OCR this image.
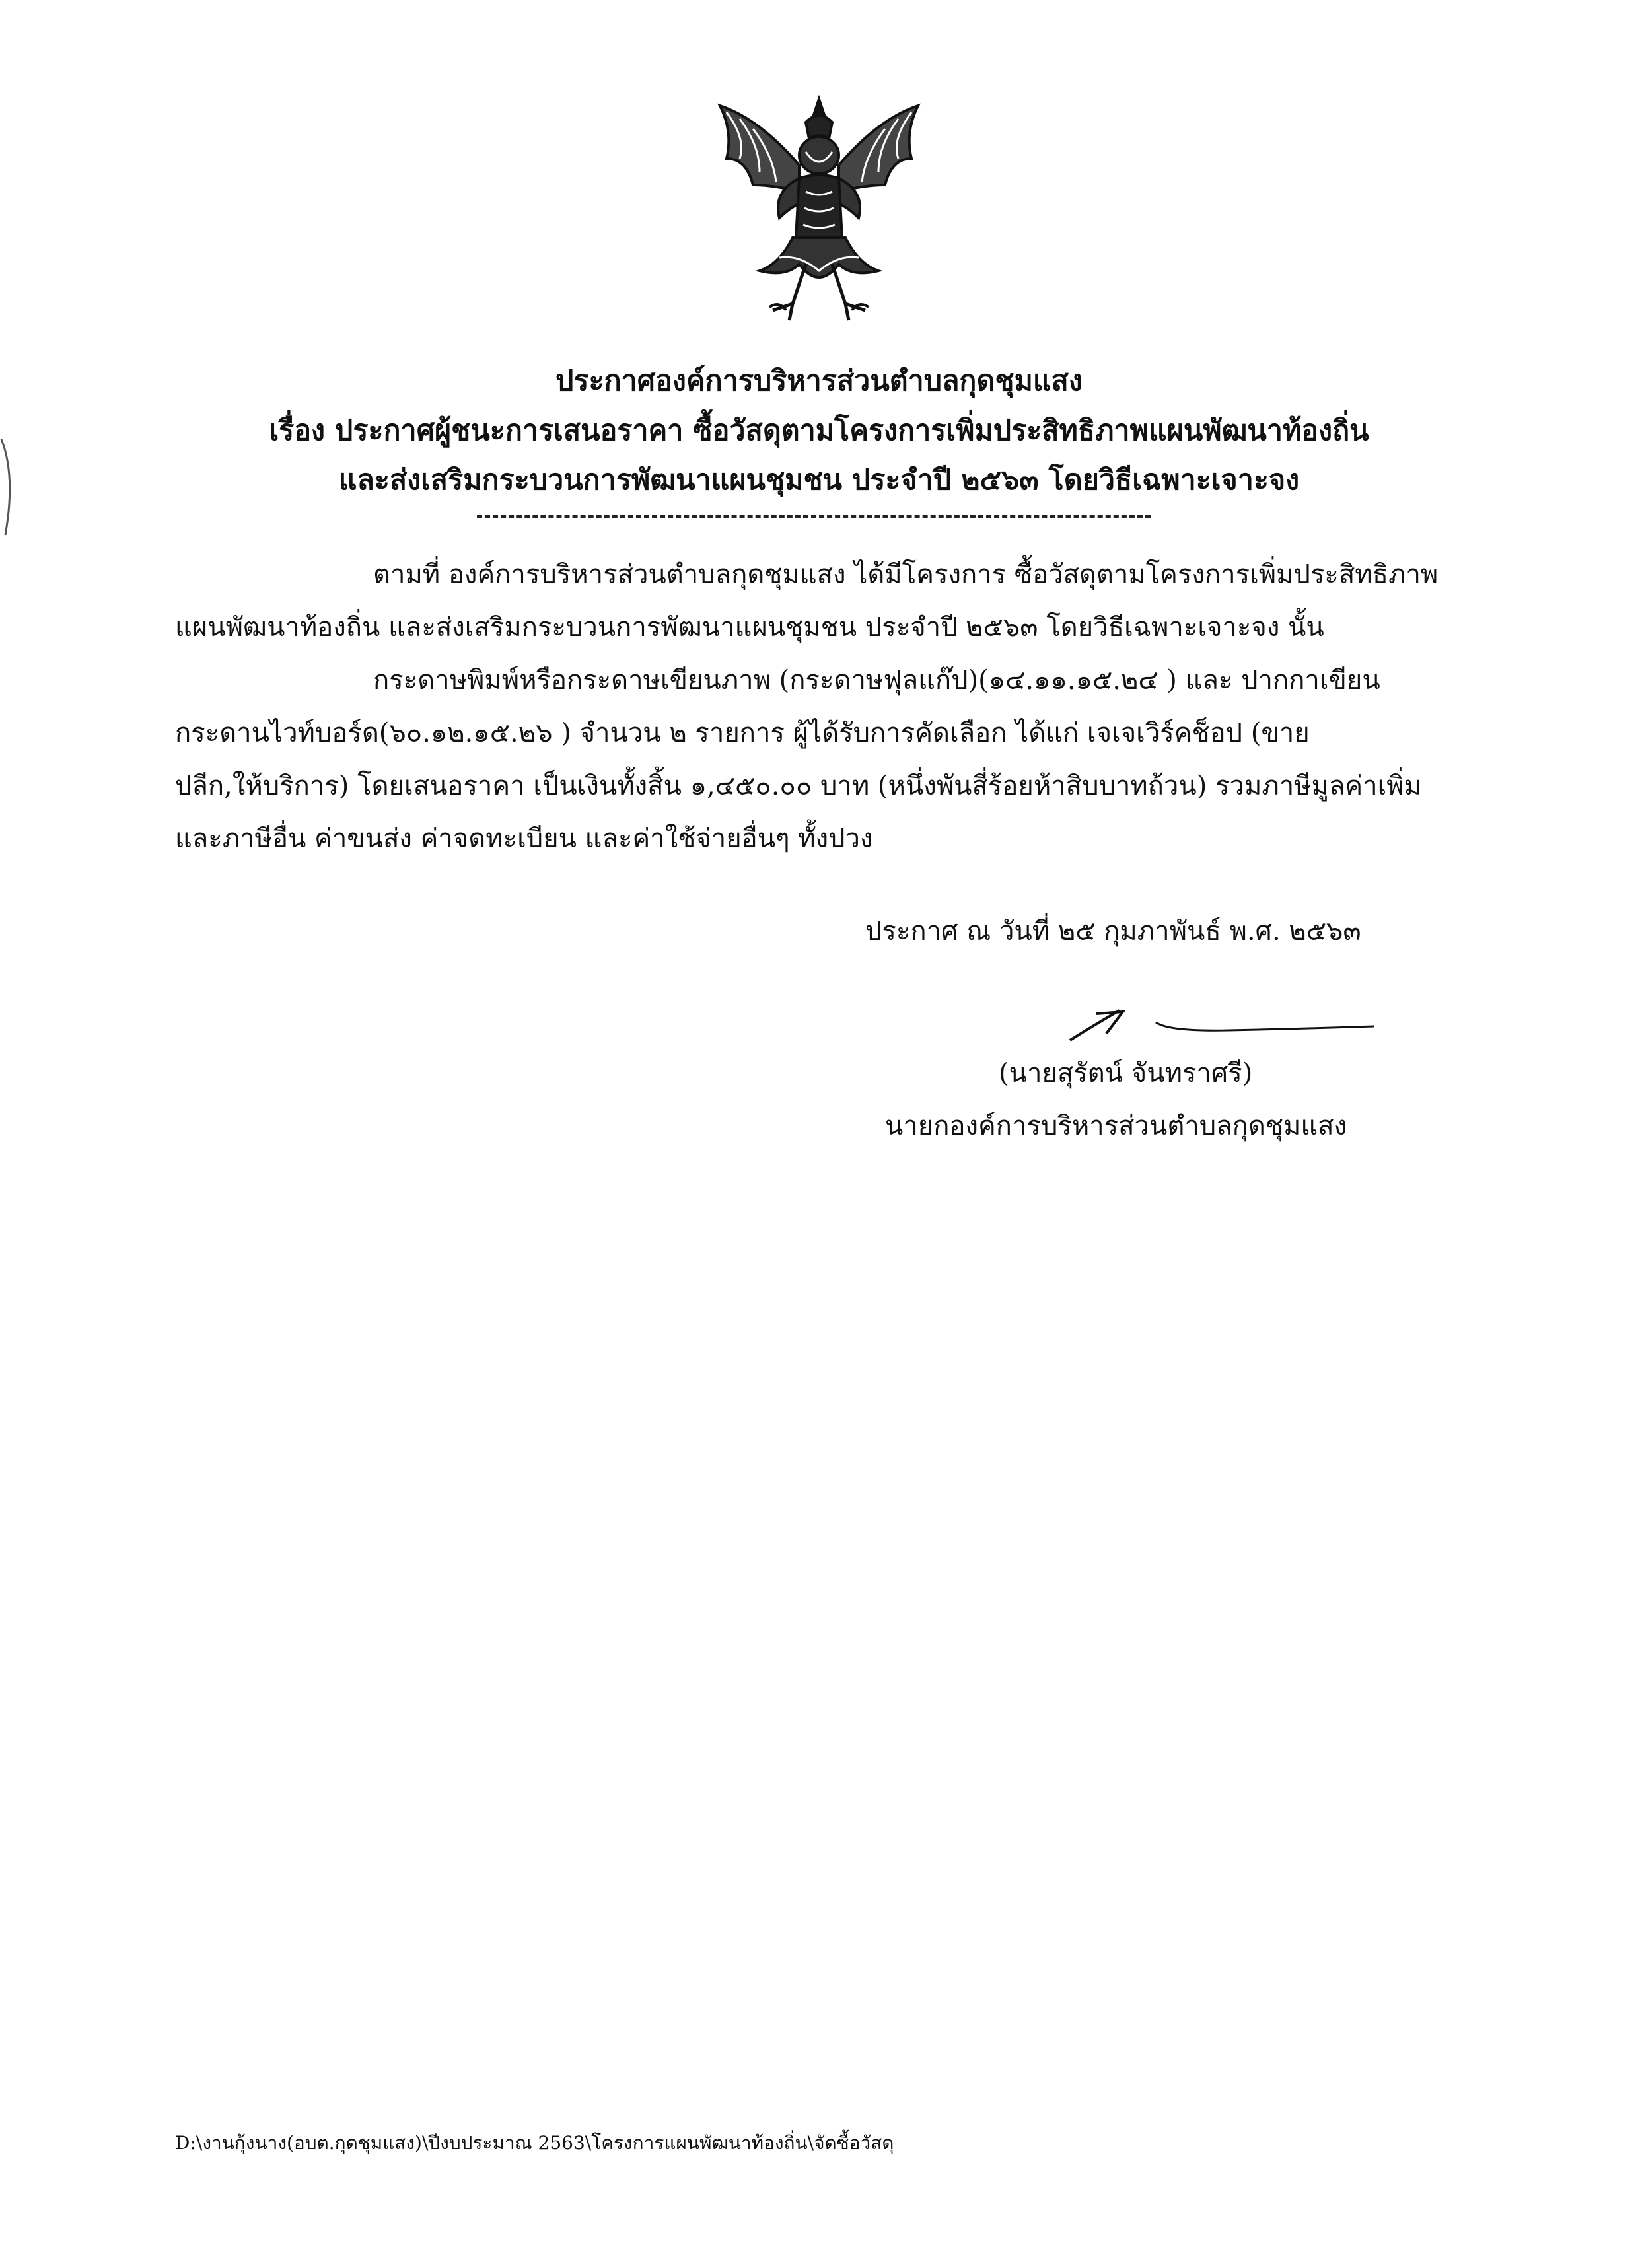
ประกาศองค์การบริหารส่วนตำบลกุดชุมแสง
เรื่อง ประกาศผู้ชนะการเสนอราคา ซื้อวัสดุตามโครงการเพิ่มประสิทธิภาพแผนพัฒนาท้องถิ่น
และส่งเสริมกระบวนการพัฒนาแผนชุมชน ประจำปี ๒๕๖๓ โดยวิธีเฉพาะเจาะจง
ตามที่ องค์การบริหารส่วนตำบลกุดชุมแสง ได้มีโครงการ ซื้อวัสดุตามโครงการเพิ่มประสิทธิภาพ
แผนพัฒนาท้องถิ่น และส่งเสริมกระบวนการพัฒนาแผนชุมชน ประจำปี ๒๕๖๓ โดยวิธีเฉพาะเจาะจง นั้น
กระดาษพิมพ์หรือกระดาษเขียนภาพ (กระดาษฟุลแก๊ป)(๑๔.๑๑.๑๕.๒๔ ) และ ปากกาเขียน
กระดานไวท์บอร์ด(๖๐.๑๒.๑๕.๒๖ ) จำนวน ๒ รายการ ผู้ได้รับการคัดเลือก ได้แก่ เจเจเวิร์คช็อป (ขาย
ปลีก,ให้บริการ) โดยเสนอราคา เป็นเงินทั้งสิ้น ๑,๔๕๐.๐๐ บาท (หนึ่งพันสี่ร้อยห้าสิบบาทถ้วน) รวมภาษีมูลค่าเพิ่ม
และภาษีอื่น ค่าขนส่ง ค่าจดทะเบียน และค่าใช้จ่ายอื่นๆ ทั้งปวง
ประกาศ ณ วันที่ ๒๕ กุมภาพันธ์ พ.ศ. ๒๕๖๓
(นายสุรัตน์ จันทราศรี)
นายกองค์การบริหารส่วนตำบลกุดชุมแสง
D:\งานกุ้งนาง(อบต.กุดชุมแสง)\ปีงบประมาณ 2563\โครงการแผนพัฒนาท้องถิ่น\จัดซื้อวัสดุ
